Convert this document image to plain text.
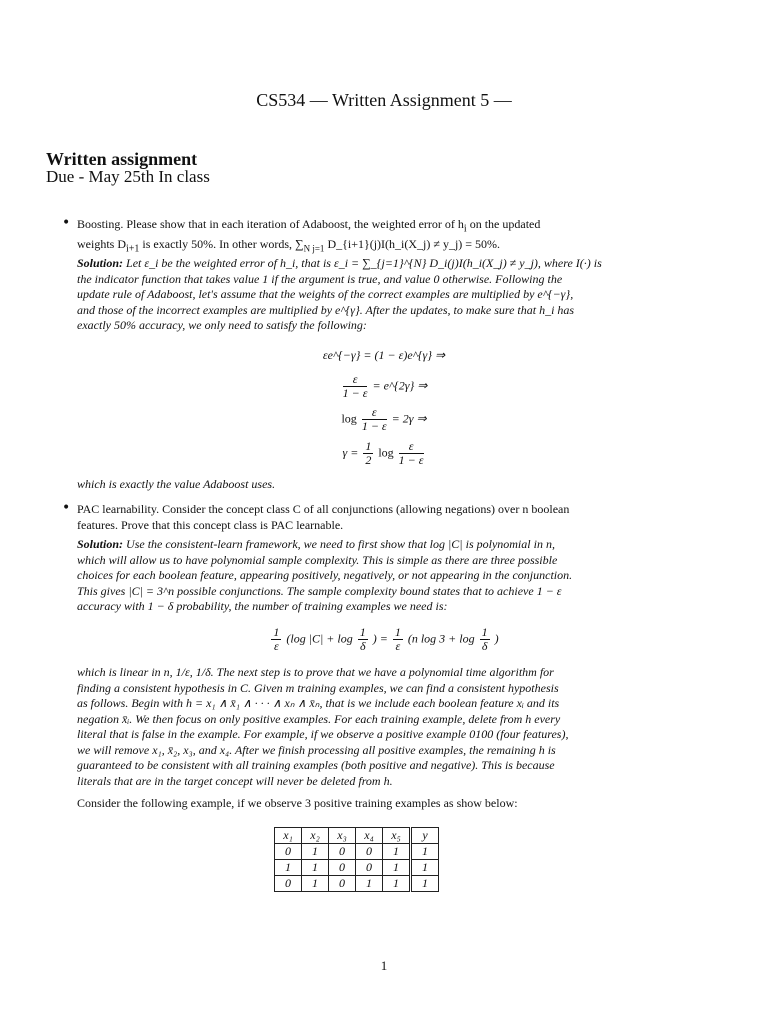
CS534 — Written Assignment 5 —
Written assignment
Due - May 25th In class
• Boosting. Please show that in each iteration of Adaboost, the weighted error of $h_i$ on the updated
weights $D_{i+1}$ is exactly 50%. In other words, $\sum_{N j=1}$ D_{i+1}(j)I(h_i(X_j) ≠ y_j) = 50%.
Solution: Let ε_i be the weighted error of h_i, that is ε_i = ∑_{j=1}^{N} D_i(j)I(h_i(X_j) ≠ y_j), where I(·) is
the indicator function that takes value 1 if the argument is true, and value 0 otherwise. Following the
update rule of Adaboost, let's assume that the weights of the correct examples are multiplied by e^{−γ},
and those of the incorrect examples are multiplied by e^{γ}. After the updates, to make sure that h_i has
exactly 50% accuracy, we only need to satisfy the following:
εe^{−γ} = (1 − ε)e^{γ} ⇒
$\frac{\varepsilon}{1 - \varepsilon}$ = e^{2γ} ⇒
$\log \frac{\varepsilon}{1 - \varepsilon} = 2\gamma$ ⇒
$\gamma = \frac{1}{2}$ $\log \frac{\varepsilon}{1 - \varepsilon}$
which is exactly the value Adaboost uses.
• PAC learnability. Consider the concept class C of all conjunctions (allowing negations) over n boolean
features. Prove that this concept class is PAC learnable.
Solution: Use the consistent-learn framework, we need to first show that log |C| is polynomial in n,
which will allow us to have polynomial sample complexity. This is simple as there are three possible
choices for each boolean feature, appearing positively, negatively, or not appearing in the conjunction.
This gives |C| = 3^n possible conjunctions. The sample complexity bound states that to achieve 1 − ε
accuracy with 1 − δ probability, the number of training examples we need is:
$\frac{1}{\varepsilon} (\log$ $|C| + \log \frac{1}{\delta}$ ) = $\frac{1}{\varepsilon} (n$ $\log 3 + \log \frac{1}{\delta}$ )
which is linear in n, 1/ε, 1/δ. The next step is to prove that we have a polynomial time algorithm for
finding a consistent hypothesis in C. Given m training examples, we can find a consistent hypothesis
as follows. Begin with h = x₁ ∧ x̄₁ ∧ · · · ∧ xₙ ∧ x̄ₙ, that is we include each boolean feature xᵢ and its
negation x̄ᵢ. We then focus on only positive examples. For each training example, delete from h every
literal that is false in the example. For example, if we observe a positive example 0100 (four features),
we will remove x₁, x̄₂, x₃, and x₄. After we finish processing all positive examples, the remaining h is
guaranteed to be consistent with all training examples (both positive and negative). This is because
literals that are in the target concept will never be deleted from h.
Consider the following example, if we observe 3 positive training examples as show below:
x₁	x₂	x₃	x₄	x₅	y
0	1	0	0	1	1
1	1	0	0	1	1
0	1	0	1	1	1
1
